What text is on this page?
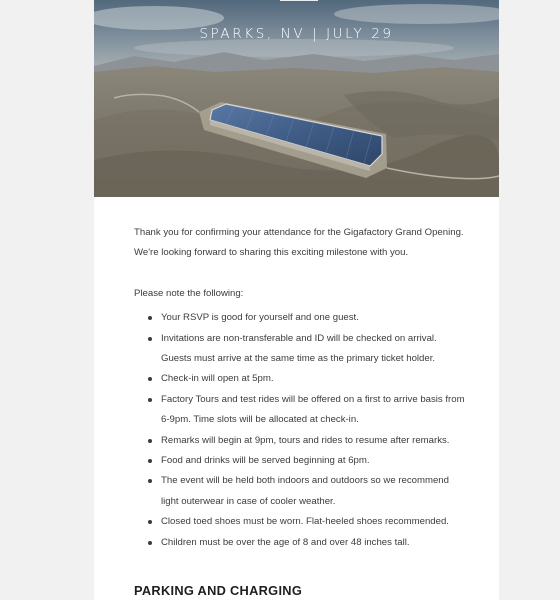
SPARKS, NV | JULY 29

Thank you for confirming your attendance for the Gigafactory Grand Opening. We're looking forward to sharing this exciting milestone with you.

Please note the following:

Your RSVP is good for yourself and one guest.
Invitations are non-transferable and ID will be checked on arrival. Guests must arrive at the same time as the primary ticket holder.
Check-in will open at 5pm.
Factory Tours and test rides will be offered on a first to arrive basis from 6-9pm. Time slots will be allocated at check-in.
Remarks will begin at 9pm, tours and rides to resume after remarks.
Food and drinks will be served beginning at 6pm.
The event will be held both indoors and outdoors so we recommend light outerwear in case of cooler weather.
Closed toed shoes must be worn. Flat-heeled shoes recommended.
Children must be over the age of 8 and over 48 inches tall.
PARKING AND CHARGING
